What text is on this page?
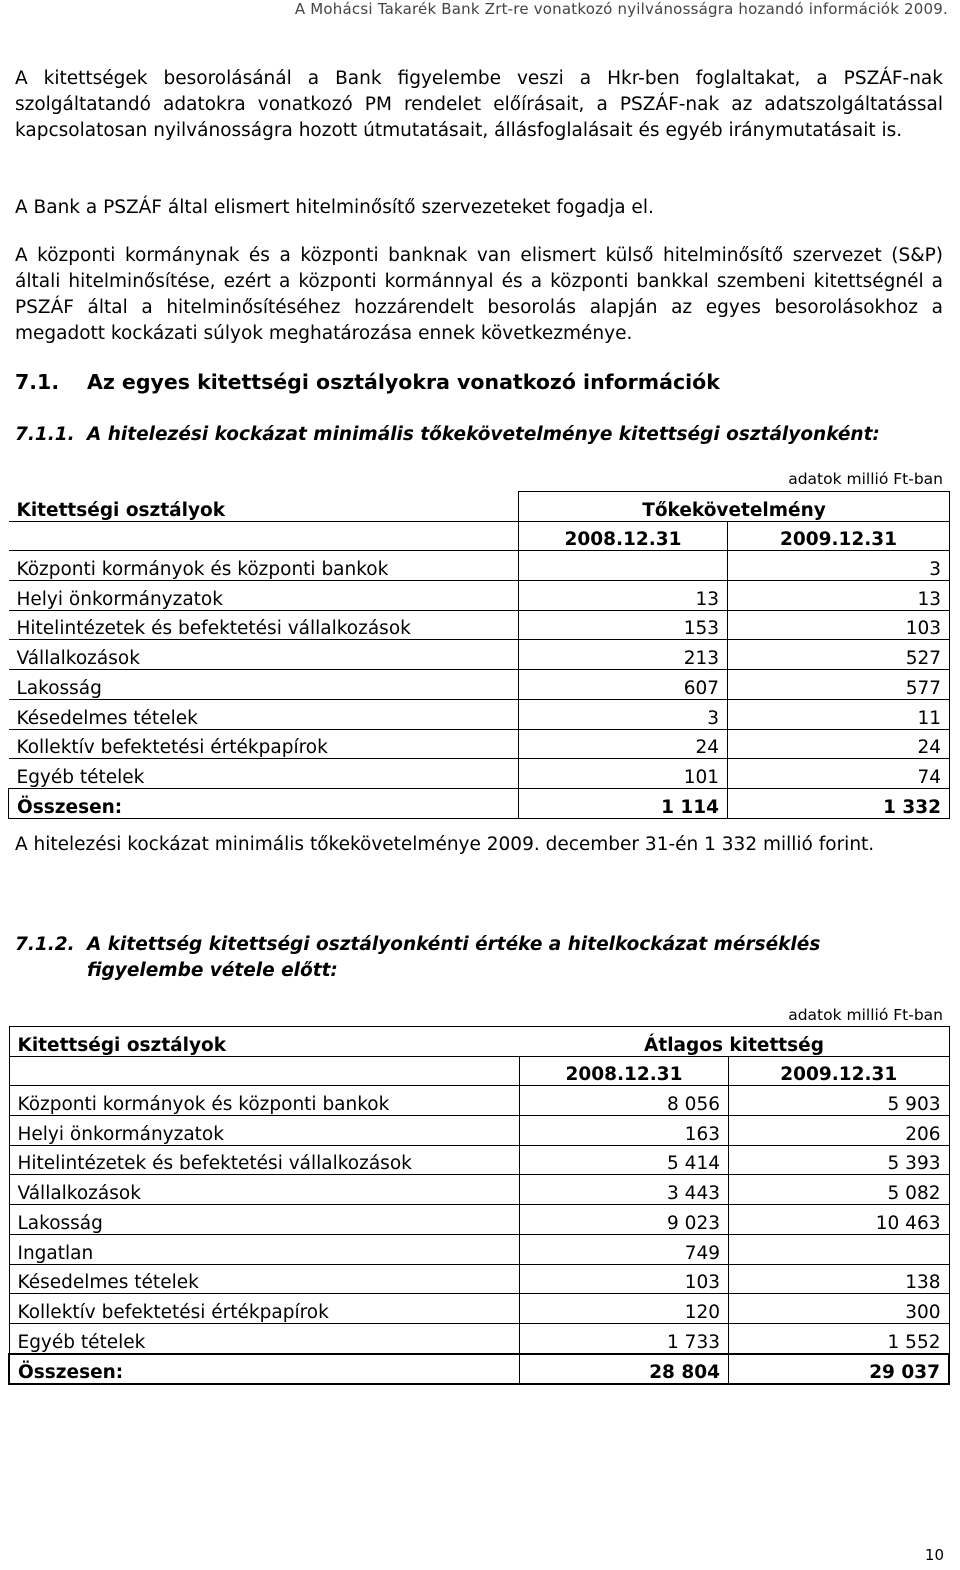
A Mohácsi Takarék Bank Zrt-re vonatkozó nyilvánosságra hozandó információk 2009.

A kitettségek besorolásánál a Bank figyelembe veszi a Hkr-ben foglaltakat, a PSZÁF-nak szolgáltatandó adatokra vonatkozó PM rendelet előírásait, a PSZÁF-nak az adatszolgáltatással kapcsolatosan nyilvánosságra hozott útmutatásait, állásfoglalásait és egyéb iránymutatásait is.

A Bank a PSZÁF által elismert hitelminősítő szervezeteket fogadja el.

A központi kormánynak és a központi banknak van elismert külső hitelminősítő szervezet (S&P) általi hitelminősítése, ezért a központi kormánnyal és a központi bankkal szembeni kitettségnél a PSZÁF által a hitelminősítéséhez hozzárendelt besorolás alapján az egyes besorolásokhoz a megadott kockázati súlyok meghatározása ennek következménye.

7.1. Az egyes kitettségi osztályokra vonatkozó információk
7.1.1. A hitelezési kockázat minimális tőkekövetelménye kitettségi osztályonként:
adatok millió Ft-ban
Kitettségi osztályok	Tőkekövetelmény	
	2008.12.31	2009.12.31
Központi kormányok és központi bankok		3
Helyi önkormányzatok	13	13
Hitelintézetek és befektetési vállalkozások	153	103
Vállalkozások	213	527
Lakosság	607	577
Késedelmes tételek	3	11
Kollektív befektetési értékpapírok	24	24
Egyéb tételek	101	74
Összesen:	1 114	1 332

A hitelezési kockázat minimális tőkekövetelménye 2009. december 31-én 1 332 millió forint.

7.1.2. A kitettség kitettségi osztályonkénti értéke a hitelkockázat mérséklés figyelembe vétele előtt:
adatok millió Ft-ban
Kitettségi osztályok	Átlagos kitettség	
	2008.12.31	2009.12.31
Központi kormányok és központi bankok	8 056	5 903
Helyi önkormányzatok	163	206
Hitelintézetek és befektetési vállalkozások	5 414	5 393
Vállalkozások	3 443	5 082
Lakosság	9 023	10 463
Ingatlan	749	
Késedelmes tételek	103	138
Kollektív befektetési értékpapírok	120	300
Egyéb tételek	1 733	1 552
Összesen:	28 804	29 037
10
